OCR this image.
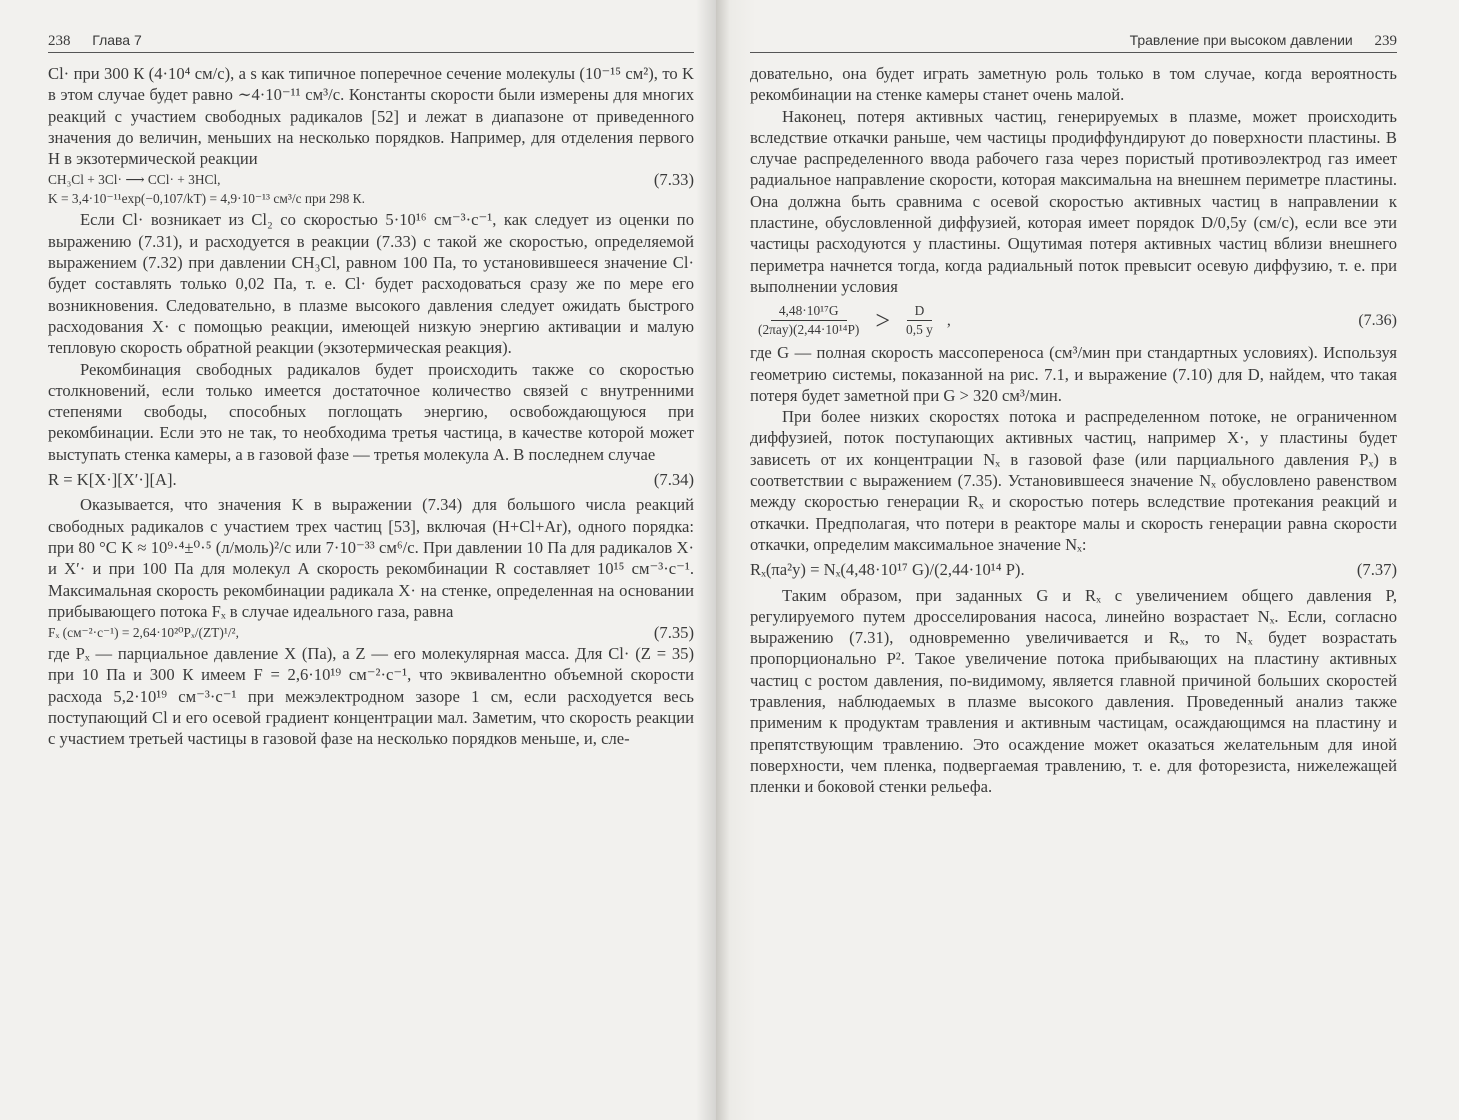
238 Глава 7

Cl· при 300 К (4·10⁴ см/с), а s как типичное поперечное сечение молекулы (10⁻¹⁵ см²), то K в этом случае будет равно ∼4·10⁻¹¹ см³/с. Константы скорости были измерены для многих реакций с участием свободных радикалов [52] и лежат в диапазоне от приведенного значения до величин, меньших на несколько порядков. Например, для отделения первого Н в экзотермической реакции

CH₃Cl + 3Cl· ⟶ CCl· + 3HCl,	(7.33)
K = 3,4·10⁻¹¹exp(−0,107/kT) = 4,9·10⁻¹³ см³/с при 298 К.

Если Cl· возникает из Cl₂ со скоростью 5·10¹⁶ см⁻³·с⁻¹, как следует из оценки по выражению (7.31), и расходуется в реакции (7.33) с такой же скоростью, определяемой выражением (7.32) при давлении CH₃Cl, равном 100 Па, то установившееся значение Cl· будет составлять только 0,02 Па, т. е. Cl· будет расходоваться сразу же по мере его возникновения. Следовательно, в плазме высокого давления следует ожидать быстрого расходования X· с помощью реакции, имеющей низкую энергию активации и малую тепловую скорость обратной реакции (экзотермическая реакция).

Рекомбинация свободных радикалов будет происходить также со скоростью столкновений, если только имеется достаточное количество связей с внутренними степенями свободы, способных поглощать энергию, освобождающуюся при рекомбинации. Если это не так, то необходима третья частица, в качестве которой может выступать стенка камеры, а в газовой фазе — третья молекула А. В последнем случае

R = K[X·][X′·][A].	(7.34)

Оказывается, что значения K в выражении (7.34) для большого числа реакций свободных радикалов с участием трех частиц [53], включая (H+Cl+Ar), одного порядка: при 80 °C K ≈ 10⁹·⁴±⁰·⁵ (л/моль)²/с или 7·10⁻³³ см⁶/с. При давлении 10 Па для радикалов X· и X′· и при 100 Па для молекул А скорость рекомбинации R составляет 10¹⁵ см⁻³·с⁻¹. Максимальная скорость рекомбинации радикала X· на стенке, определенная на основании прибывающего потока Fₓ в случае идеального газа, равна

Fₓ (см⁻²·с⁻¹) = 2,64·10²⁰Pₓ/(ZT)¹/²,	(7.35)

где Pₓ — парциальное давление X (Па), а Z — его молекулярная масса. Для Cl· (Z = 35) при 10 Па и 300 К имеем F = 2,6·10¹⁹ см⁻²·с⁻¹, что эквивалентно объемной скорости расхода 5,2·10¹⁹ см⁻³·с⁻¹ при межэлектродном зазоре 1 см, если расходуется весь поступающий Cl и его осевой градиент концентрации мал. Заметим, что скорость реакции с участием третьей частицы в газовой фазе на несколько порядков меньше, и, сле-

Травление при высоком давлении 239

довательно, она будет играть заметную роль только в том случае, когда вероятность рекомбинации на стенке камеры станет очень малой.

Наконец, потеря активных частиц, генерируемых в плазме, может происходить вследствие откачки раньше, чем частицы продиффундируют до поверхности пластины. В случае распределенного ввода рабочего газа через пористый противоэлектрод газ имеет радиальное направление скорости, которая максимальна на внешнем периметре пластины. Она должна быть сравнима с осевой скоростью активных частиц в направлении к пластине, обусловленной диффузией, которая имеет порядок D/0,5y (см/с), если все эти частицы расходуются у пластины. Ощутимая потеря активных частиц вблизи внешнего периметра начнется тогда, когда радиальный поток превысит осевую диффузию, т. е. при выполнении условия

$\frac{\text{4,48·10¹⁷G}}{\text{(2πay)(2,44·10¹⁴P)}} > \frac{D}{0,5 y}$ ,	(7.36)

где G — полная скорость массопереноса (см³/мин при стандартных условиях). Используя геометрию системы, показанной на рис. 7.1, и выражение (7.10) для D, найдем, что такая потеря будет заметной при G > 320 см³/мин.

При более низких скоростях потока и распределенном потоке, не ограниченном диффузией, поток поступающих активных частиц, например X·, у пластины будет зависеть от их концентрации Nₓ в газовой фазе (или парциального давления Pₓ) в соответствии с выражением (7.35). Установившееся значение Nₓ обусловлено равенством между скоростью генерации Rₓ и скоростью потерь вследствие протекания реакций и откачки. Предполагая, что потери в реакторе малы и скорость генерации равна скорости откачки, определим максимальное значение Nₓ:

Rₓ(πa²y) = Nₓ(4,48·10¹⁷ G)/(2,44·10¹⁴ P).	(7.37)

Таким образом, при заданных G и Rₓ с увеличением общего давления P, регулируемого путем дросселирования насоса, линейно возрастает Nₓ. Если, согласно выражению (7.31), одновременно увеличивается и Rₓ, то Nₓ будет возрастать пропорционально P². Такое увеличение потока прибывающих на пластину активных частиц с ростом давления, по-видимому, является главной причиной больших скоростей травления, наблюдаемых в плазме высокого давления. Проведенный анализ также применим к продуктам травления и активным частицам, осаждающимся на пластину и препятствующим травлению. Это осаждение может оказаться желательным для иной поверхности, чем пленка, подвергаемая травлению, т. е. для фоторезиста, нижележащей пленки и боковой стенки рельефа.
